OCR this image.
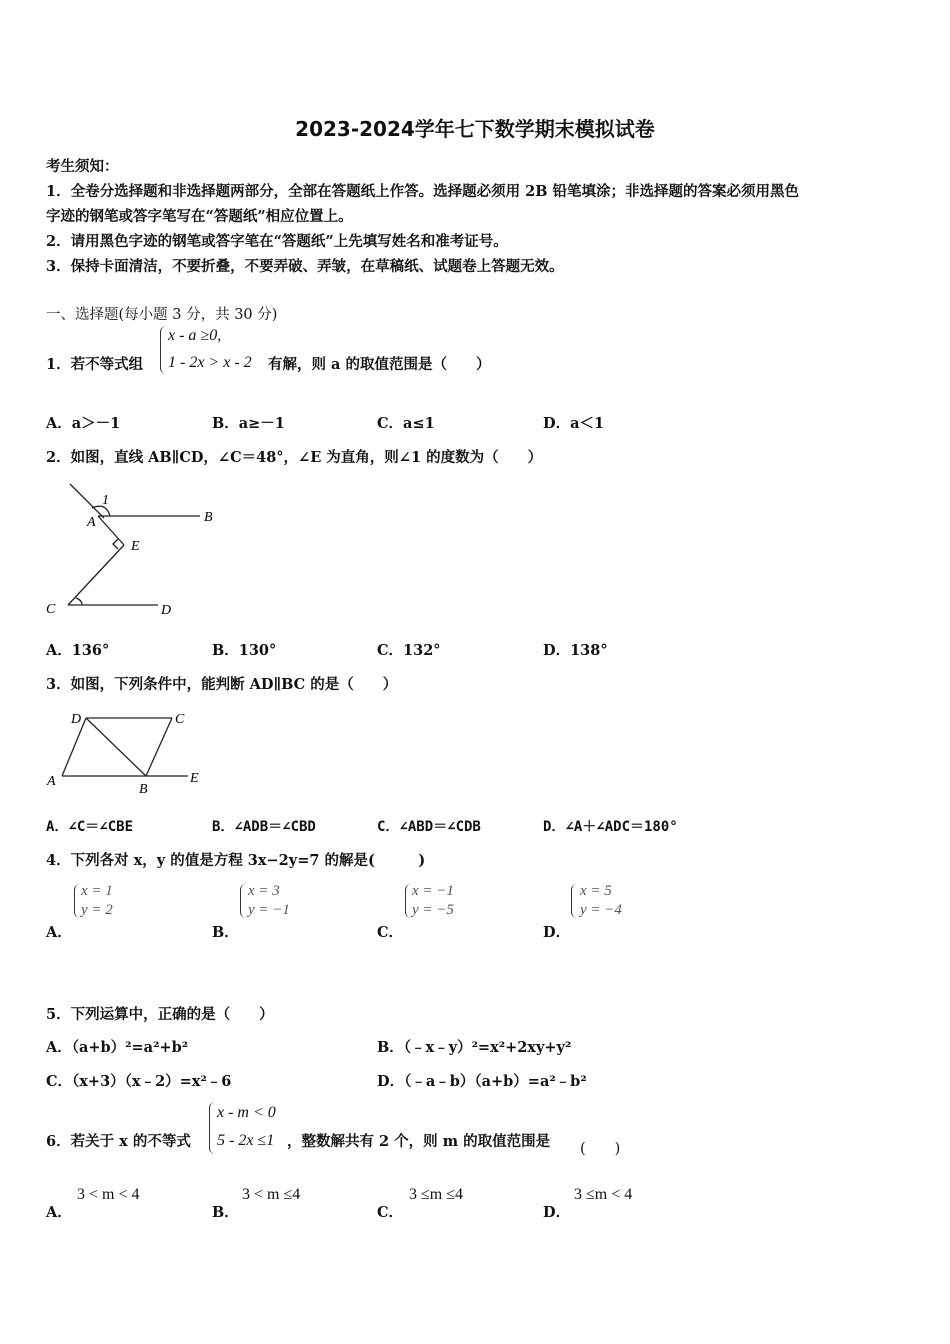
2023-2024学年七下数学期末模拟试卷
考生须知：
1．全卷分选择题和非选择题两部分，全部在答题纸上作答。选择题必须用 2B 铅笔填涂；非选择题的答案必须用黑色
字迹的钢笔或答字笔写在“答题纸”相应位置上。
2．请用黑色字迹的钢笔或答字笔在“答题纸”上先填写姓名和准考证号。
3．保持卡面清洁，不要折叠，不要弄破、弄皱，在草稿纸、试题卷上答题无效。
一、选择题(每小题 3 分，共 30 分)
1．若不等式组
x - a ≥0,
1 - 2x > x - 2 有解，则 a 的取值范围是（　　）
A．a＞－1	B．a≥－1	C．a≤1	D．a＜1
2．如图，直线 AB∥CD，∠C＝48°，∠E 为直角，则∠1 的度数为（　　）
1
A	B
E
C	D
A．136°	B．130°	C．132°	D．138°
3．如图，下列条件中，能判断 AD∥BC 的是（　　）
D	C
A
B
E
A．∠C＝∠CBE	B．∠ADB＝∠CBD	C．∠ABD＝∠CDB	D．∠A＋∠ADC＝180°
4．下列各对 x，y 的值是方程 3x−2y=7 的解是(　　　)
A．
x = 1
y = 2
B．
x = 3
y = −1
C．
x = −1
y = −5
D．
x = 5
y = −4
5．下列运算中，正确的是（　　）
A．（a+b）²=a²+b²	B．（﹣x﹣y）²=x²+2xy+y²
C．（x+3）（x﹣2）=x²﹣6	D．（﹣a﹣b）（a+b）=a²﹣b²
6．若关于 x 的不等式
x - m < 0
5 - 2x ≤1 ，整数解共有 2 个，则 m 的取值范围是 (　　)
A．
3 < m < 4
B．
3 < m ≤4
C．
3 ≤m ≤4
D．
3 ≤m < 4
